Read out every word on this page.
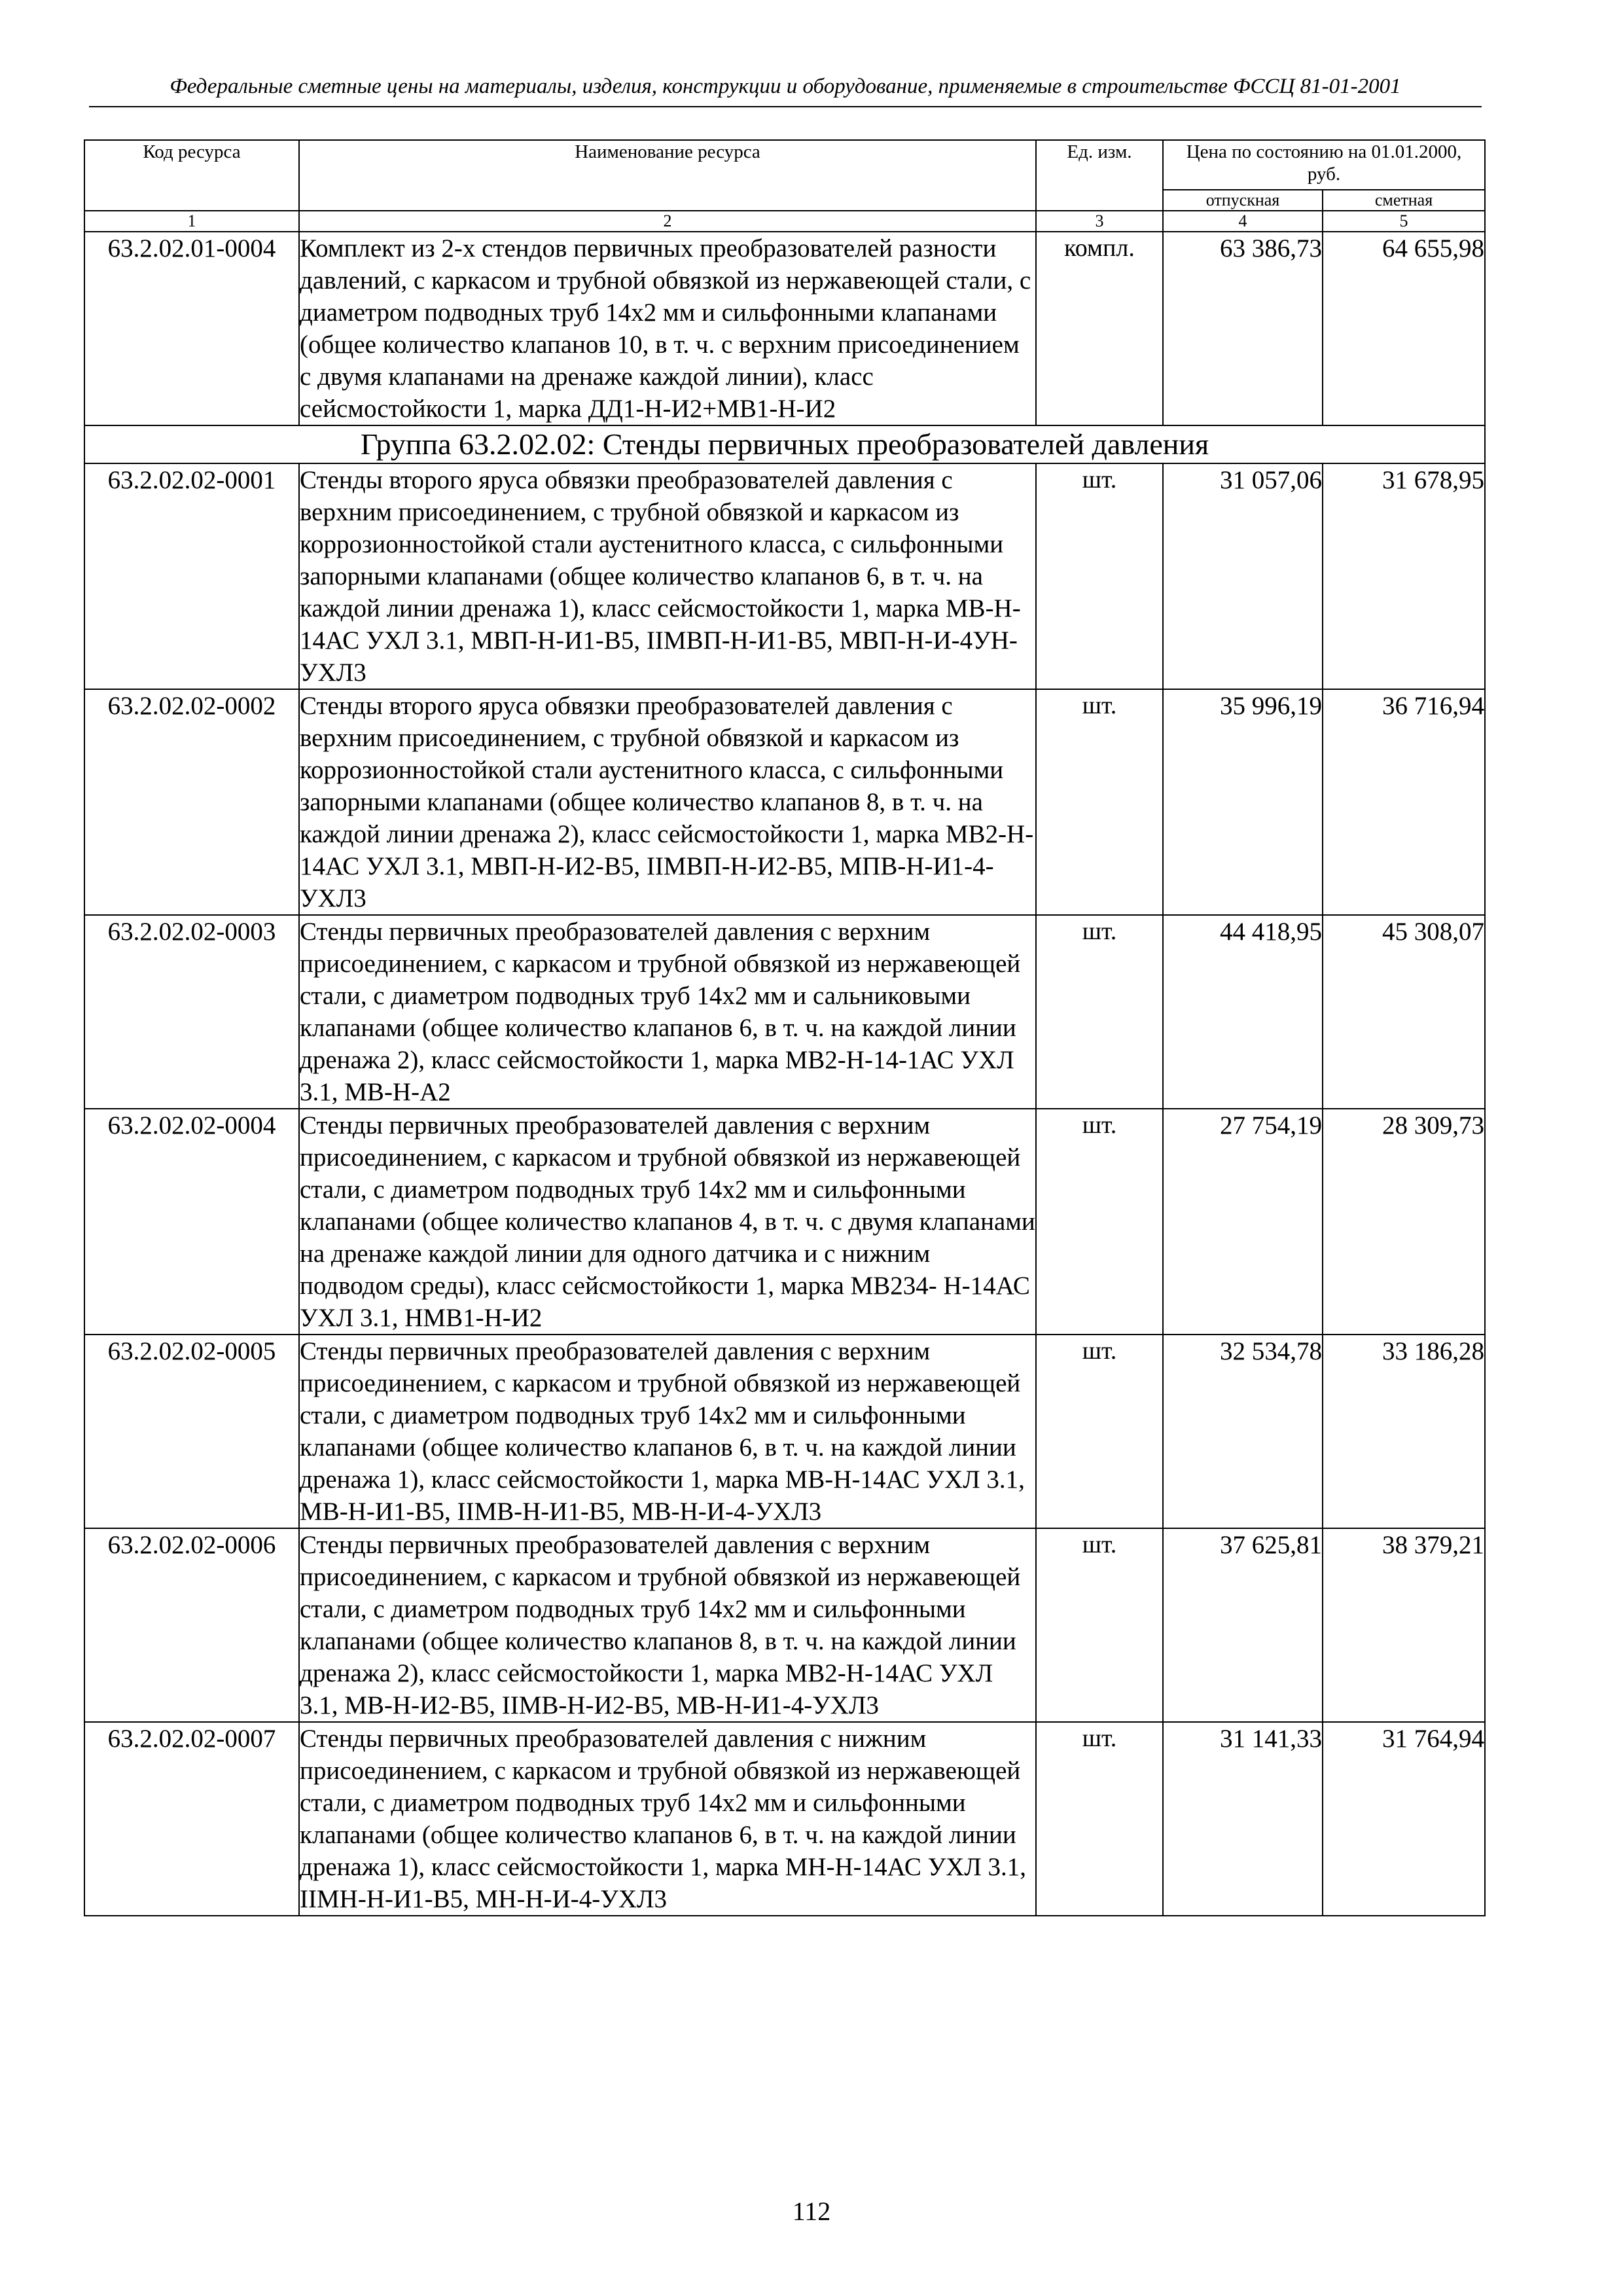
Федеральные сметные цены на материалы, изделия, конструкции и оборудование, применяемые в строительстве ФССЦ 81-01-2001
Код ресурса	Наименование ресурса	Ед. изм.	Цена по состоянию на 01.01.2000, руб.	
			отпускная	сметная
1	2	3	4	5
63.2.02.01-0004	Комплект из 2-х стендов первичных преобразователей разности давлений, с каркасом и трубной обвязкой из нержавеющей стали, с диаметром подводных труб 14х2 мм и сильфонными клапанами (общее количество клапанов 10, в т. ч. с верхним присоединением с двумя клапанами на дренаже каждой линии), класс сейсмостойкости 1, марка ДД1-Н-И2+МВ1-Н-И2	компл.	63 386,73	64 655,98
Группа 63.2.02.02: Стенды первичных преобразователей давления				
63.2.02.02-0001	Стенды второго яруса обвязки преобразователей давления с верхним присоединением, с трубной обвязкой и каркасом из коррозионностойкой стали аустенитного класса, с сильфонными запорными клапанами (общее количество клапанов 6, в т. ч. на каждой линии дренажа 1), класс сейсмостойкости 1, марка МВ-Н- 14АС УХЛ 3.1, МВП-Н-И1-В5, IIМВП-Н-И1-В5, МВП-Н-И-4УН- УХЛ3	шт.	31 057,06	31 678,95
63.2.02.02-0002	Стенды второго яруса обвязки преобразователей давления с верхним присоединением, с трубной обвязкой и каркасом из коррозионностойкой стали аустенитного класса, с сильфонными запорными клапанами (общее количество клапанов 8, в т. ч. на каждой линии дренажа 2), класс сейсмостойкости 1, марка МВ2-Н- 14АС УХЛ 3.1, МВП-Н-И2-В5, IIМВП-Н-И2-В5, МПВ-Н-И1-4- УХЛ3	шт.	35 996,19	36 716,94
63.2.02.02-0003	Стенды первичных преобразователей давления с верхним присоединением, с каркасом и трубной обвязкой из нержавеющей стали, с диаметром подводных труб 14х2 мм и сальниковыми клапанами (общее количество клапанов 6, в т. ч. на каждой линии дренажа 2), класс сейсмостойкости 1, марка МВ2-Н-14-1АС УХЛ 3.1, МВ-Н-А2	шт.	44 418,95	45 308,07
63.2.02.02-0004	Стенды первичных преобразователей давления с верхним присоединением, с каркасом и трубной обвязкой из нержавеющей стали, с диаметром подводных труб 14х2 мм и сильфонными клапанами (общее количество клапанов 4, в т. ч. с двумя клапанами на дренаже каждой линии для одного датчика и с нижним подводом среды), класс сейсмостойкости 1, марка МВ234- Н-14АС УХЛ 3.1, НМВ1-Н-И2	шт.	27 754,19	28 309,73
63.2.02.02-0005	Стенды первичных преобразователей давления с верхним присоединением, с каркасом и трубной обвязкой из нержавеющей стали, с диаметром подводных труб 14х2 мм и сильфонными клапанами (общее количество клапанов 6, в т. ч. на каждой линии дренажа 1), класс сейсмостойкости 1, марка МВ-Н-14АС УХЛ 3.1, МВ-Н-И1-В5, IIМВ-Н-И1-В5, МВ-Н-И-4-УХЛ3	шт.	32 534,78	33 186,28
63.2.02.02-0006	Стенды первичных преобразователей давления с верхним присоединением, с каркасом и трубной обвязкой из нержавеющей стали, с диаметром подводных труб 14х2 мм и сильфонными клапанами (общее количество клапанов 8, в т. ч. на каждой линии дренажа 2), класс сейсмостойкости 1, марка МВ2-Н-14АС УХЛ 3.1, МВ-Н-И2-В5, IIМВ-Н-И2-В5, МВ-Н-И1-4-УХЛ3	шт.	37 625,81	38 379,21
63.2.02.02-0007	Стенды первичных преобразователей давления с нижним присоединением, с каркасом и трубной обвязкой из нержавеющей стали, с диаметром подводных труб 14х2 мм и сильфонными клапанами (общее количество клапанов 6, в т. ч. на каждой линии дренажа 1), класс сейсмостойкости 1, марка МН-Н-14АС УХЛ 3.1, IIМН-Н-И1-В5, МН-Н-И-4-УХЛ3	шт.	31 141,33	31 764,94
112
